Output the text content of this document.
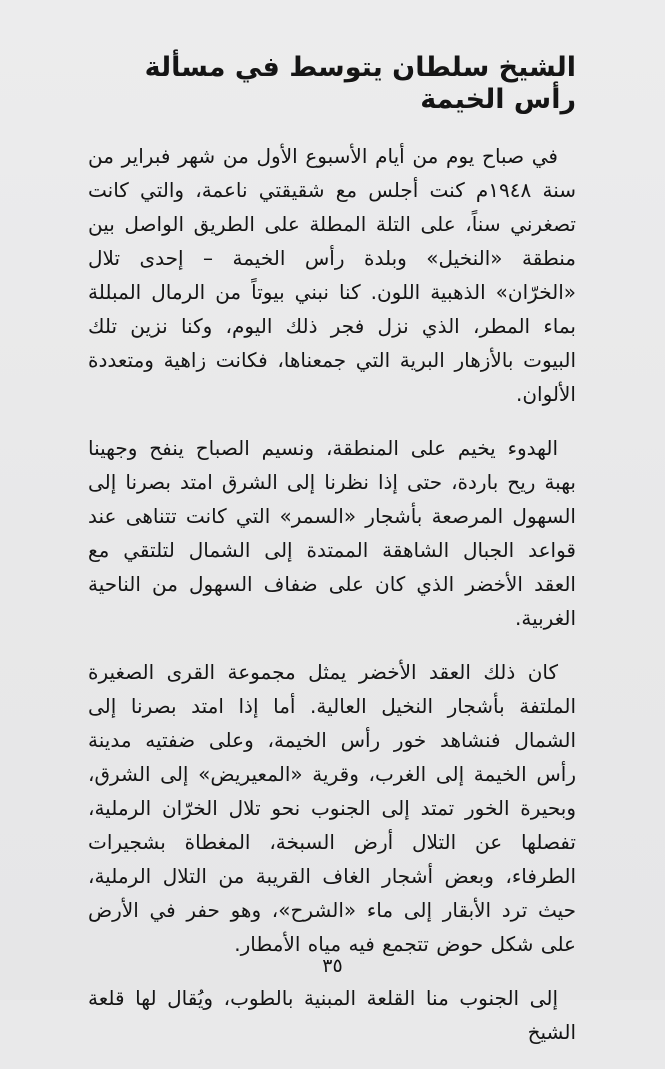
الشيخ سلطان يتوسط في مسألة رأس الخيمة

في صباح يوم من أيام الأسبوع الأول من شهر فبراير من سنة ١٩٤٨م كنت أجلس مع شقيقتي ناعمة، والتي كانت تصغرني سناً، على التلة المطلة على الطريق الواصل بين منطقة «النخيل» وبلدة رأس الخيمة – إحدى تلال «الخرّان» الذهبية اللون. كنا نبني بيوتاً من الرمال المبللة بماء المطر، الذي نزل فجر ذلك اليوم، وكنا نزين تلك البيوت بالأزهار البرية التي جمعناها، فكانت زاهية ومتعددة الألوان.

الهدوء يخيم على المنطقة، ونسيم الصباح ينفح وجهينا بهبة ريح باردة، حتى إذا نظرنا إلى الشرق امتد بصرنا إلى السهول المرصعة بأشجار «السمر» التي كانت تتناهى عند قواعد الجبال الشاهقة الممتدة إلى الشمال لتلتقي مع العقد الأخضر الذي كان على ضفاف السهول من الناحية الغربية.

كان ذلك العقد الأخضر يمثل مجموعة القرى الصغيرة الملتفة بأشجار النخيل العالية. أما إذا امتد بصرنا إلى الشمال فنشاهد خور رأس الخيمة، وعلى ضفتيه مدينة رأس الخيمة إلى الغرب، وقرية «المعيريض» إلى الشرق، وبحيرة الخور تمتد إلى الجنوب نحو تلال الخرّان الرملية، تفصلها عن التلال أرض السبخة، المغطاة بشجيرات الطرفاء، وبعض أشجار الغاف القريبة من التلال الرملية، حيث ترد الأبقار إلى ماء «الشرح»، وهو حفر في الأرض على شكل حوض تتجمع فيه مياه الأمطار.

إلى الجنوب منا القلعة المبنية بالطوب، ويُقال لها قلعة الشيخ

٣٥
